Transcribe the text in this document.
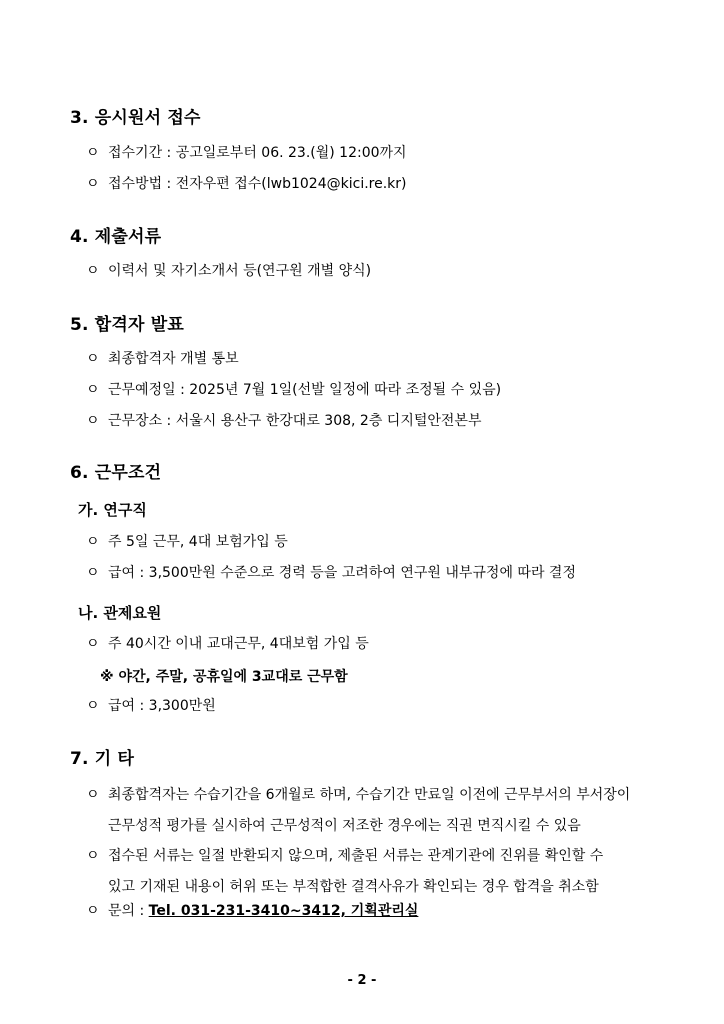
3. 응시원서 접수
ㅇ 접수기간 : 공고일로부터 06. 23.(월) 12:00까지
ㅇ 접수방법 : 전자우편 접수(lwb1024@kici.re.kr)
4. 제출서류
ㅇ 이력서 및 자기소개서 등(연구원 개별 양식)
5. 합격자 발표
ㅇ 최종합격자 개별 통보
ㅇ 근무예정일 : 2025년 7월 1일(선발 일정에 따라 조정될 수 있음)
ㅇ 근무장소 : 서울시 용산구 한강대로 308, 2층 디지털안전본부
6. 근무조건
가. 연구직
ㅇ 주 5일 근무, 4대 보험가입 등
ㅇ 급여 : 3,500만원 수준으로 경력 등을 고려하여 연구원 내부규정에 따라 결정
나. 관제요원
ㅇ 주 40시간 이내 교대근무, 4대보험 가입 등
※ 야간, 주말, 공휴일에 3교대로 근무함
ㅇ 급여 : 3,300만원
7. 기 타
ㅇ 최종합격자는 수습기간을 6개월로 하며, 수습기간 만료일 이전에 근무부서의 부서장이
근무성적 평가를 실시하여 근무성적이 저조한 경우에는 직권 면직시킬 수 있음
ㅇ 접수된 서류는 일절 반환되지 않으며, 제출된 서류는 관계기관에 진위를 확인할 수
있고 기재된 내용이 허위 또는 부적합한 결격사유가 확인되는 경우 합격을 취소함
ㅇ 문의 : Tel. 031-231-3410~3412, 기획관리실
- 2 -
